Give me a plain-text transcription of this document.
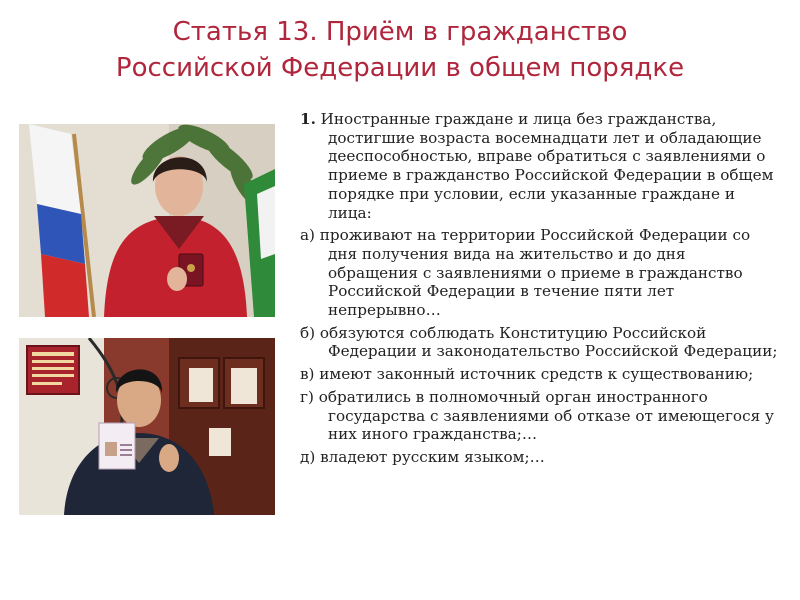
Статья 13. Приём в гражданство
Российской Федерации в общем порядке

1. Иностранные граждане и лица без гражданства, достигшие возраста восемнадцати лет и обладающие дееспособностью, вправе обратиться с заявлениями о приеме в гражданство Российской Федерации в общем порядке при условии, если указанные граждане и лица:

а) проживают на территории Российской Федерации со дня получения вида на жительство и до дня обращения с заявлениями о приеме в гражданство Российской Федерации в течение пяти лет непрерывно…

б) обязуются соблюдать Конституцию Российской Федерации и законодательство Российской Федерации;

в) имеют законный источник средств к существованию;

г) обратились в полномочный орган иностранного государства с заявлениями об отказе от имеющегося у них иного гражданства;…

д) владеют русским языком;…
